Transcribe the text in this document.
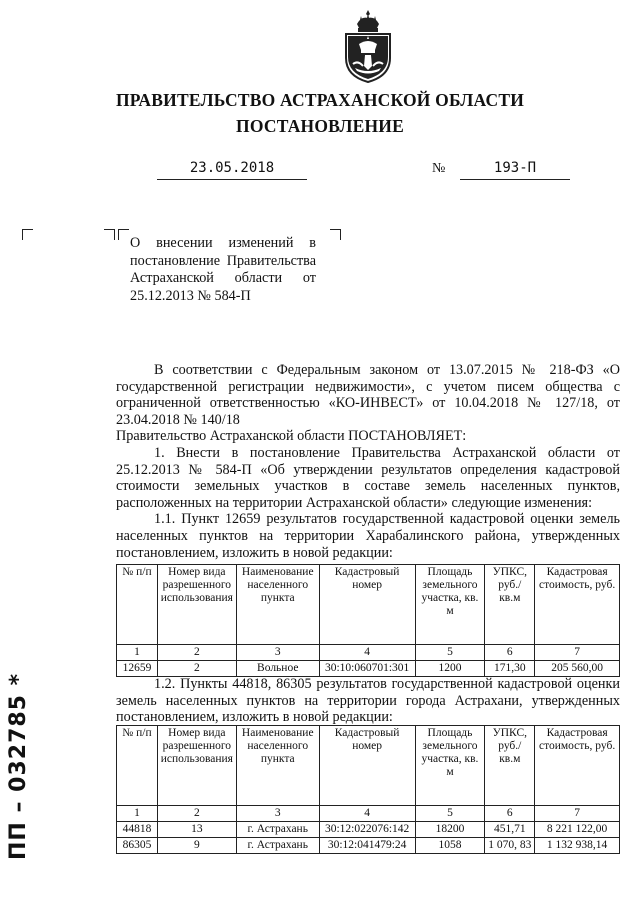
ПРАВИТЕЛЬСТВО АСТРАХАНСКОЙ ОБЛАСТИ
ПОСТАНОВЛЕНИЕ
23.05.2018	№	193-П
О внесении изменений в постановление Правительства Астраханской области от 25.12.2013 № 584-П

В соответствии с Федеральным законом от 13.07.2015 № 218-ФЗ «О государственной регистрации недвижимости», с учетом писем общества с ограниченной ответственностью «КО-ИНВЕСТ» от 10.04.2018 № 127/18, от 23.04.2018 № 140/18

Правительство Астраханской области ПОСТАНОВЛЯЕТ:

1. Внести в постановление Правительства Астраханской области от 25.12.2013 № 584-П «Об утверждении результатов определения кадастровой стоимости земельных участков в составе земель населенных пунктов, расположенных на территории Астраханской области» следующие изменения:

1.1. Пункт 12659 результатов государственной кадастровой оценки земель населенных пунктов на территории Харабалинского района, утвержденных постановлением, изложить в новой редакции:

№ п/п	Номер вида разрешенного использования	Наименование населенного пункта	Кадастровый номер	Площадь земельного участка, кв. м	УПКС, руб./ кв.м	Кадастровая стоимость, руб.
1	2	3	4	5	6	7
12659	2	Вольное	30:10:060701:301	1200	171,30	205 560,00

1.2. Пункты 44818, 86305 результатов государственной кадастровой оценки земель населенных пунктов на территории города Астрахани, утвержденных постановлением, изложить в новой редакции:

№ п/п	Номер вида разрешенного использования	Наименование населенного пункта	Кадастровый номер	Площадь земельного участка, кв. м	УПКС, руб./ кв.м	Кадастровая стоимость, руб.
1	2	3	4	5	6	7
44818	13	г. Астрахань	30:12:022076:142	18200	451,71	8 221 122,00
86305	9	г. Астрахань	30:12:041479:24	1058	1 070, 83	1 132 938,14
ПП – 032785 *
